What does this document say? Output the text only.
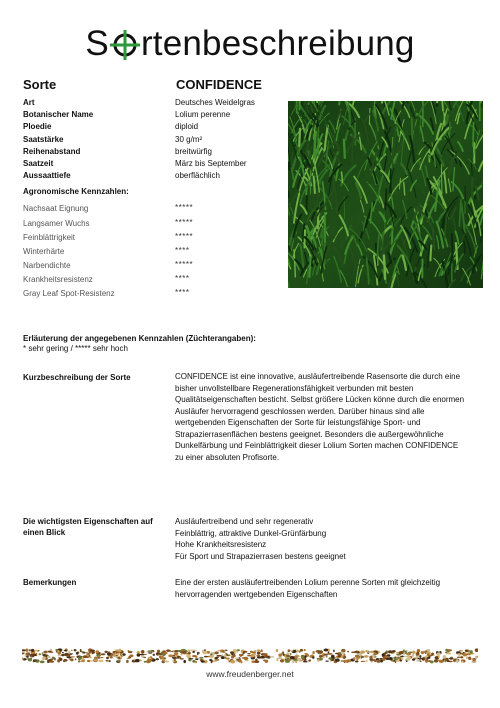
S rtenbeschreibung
Sorte	CONFIDENCE
Art	Deutsches Weidelgras
Botanischer Name	Lolium perenne
Ploedie	diploid
Saatstärke	30 g/m²
Reihenabstand	breitwürfig
Saatzeit	März bis September
Aussaattiefe	oberflächlich
Agronomische Kennzahlen:
Nachsaat Eignung	*****
Langsamer Wuchs	*****
Feinblättrigkeit	*****
Winterhärte	****
Narbendichte	*****
Krankheitsresistenz	****
Gray Leaf Spot-Resistenz	****
Erläuterung der angegebenen Kennzahlen (Züchterangaben):
* sehr gering / ***** sehr hoch
Kurzbeschreibung der Sorte	CONFIDENCE ist eine innovative, ausläufertreibende Rasensorte die durch eine
bisher unvollstellbare Regenerationsfähigkeit verbunden mit besten
Qualitätseigenschaften besticht. Selbst größere Lücken könne durch die enormen
Ausläufer hervorragend geschlossen werden. Darüber hinaus sind alle
wertgebenden Eigenschaften der Sorte für leistungsfähige Sport- und
Strapazierrasenflächen bestens geeignet. Besonders die außergewöhnliche
Dunkelfärbung und Feinblättrigkeit dieser Lolium Sorten machen CONFIDENCE
zu einer absoluten Profisorte.
Die wichtigsten Eigenschaften auf
einen Blick
Ausläufertreibend und sehr regenerativ
Feinblättrig, attraktive Dunkel-Grünfärbung
Hohe Krankheitsresistenz
Für Sport und Strapazierrasen bestens geeignet
Bemerkungen	Eine der ersten ausläufertreibenden Lolium perenne Sorten mit gleichzeitig
hervorragenden wertgebenden Eigenschaften
www.freudenberger.net
